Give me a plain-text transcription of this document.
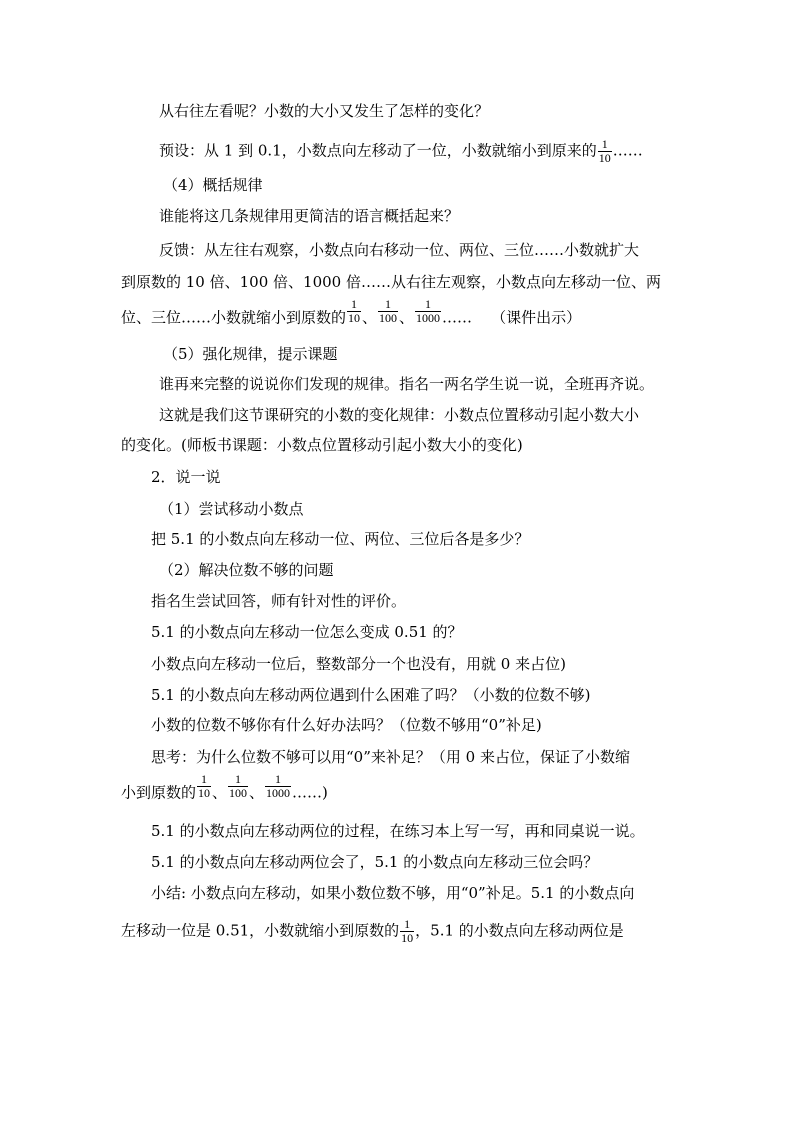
从右往左看呢？小数的大小又发生了怎样的变化？
预设：从 1 到 0.1，小数点向左移动了一位，小数就缩小到原来的 $\frac{1}{10}$ ……
（4）概括规律
谁能将这几条规律用更简洁的语言概括起来？
反馈：从左往右观察，小数点向右移动一位、两位、三位……小数就扩大
到原数的 10 倍、100 倍、1000 倍……从右往左观察，小数点向左移动一位、两
位、三位……小数就缩小到原数的 $\frac{1}{10}$ 、 $\frac{1}{100}$ 、 $\frac{1}{1000}$ ……    （课件出示）
（5）强化规律，提示课题
谁再来完整的说说你们发现的规律。指名一两名学生说一说，全班再齐说。
这就是我们这节课研究的小数的变化规律：小数点位置移动引起小数大小
的变化。(师板书课题：小数点位置移动引起小数大小的变化)
2．说一说
（1）尝试移动小数点
把 5.1 的小数点向左移动一位、两位、三位后各是多少？
（2）解决位数不够的问题
指名生尝试回答，师有针对性的评价。
5.1 的小数点向左移动一位怎么变成 0.51 的？
小数点向左移动一位后，整数部分一个也没有，用就 0 来占位)
5.1 的小数点向左移动两位遇到什么困难了吗？（小数的位数不够)
小数的位数不够你有什么好办法吗？（位数不够用“0”补足)
思考：为什么位数不够可以用“0”来补足？（用 0 来占位，保证了小数缩
小到原数的 $\frac{1}{10}$ 、 $\frac{1}{100}$ 、 $\frac{1}{1000}$ ……)
5.1 的小数点向左移动两位的过程，在练习本上写一写，再和同桌说一说。
5.1 的小数点向左移动两位会了，5.1 的小数点向左移动三位会吗？
小结: 小数点向左移动，如果小数位数不够，用“0”补足。5.1 的小数点向
左移动一位是 0.51，小数就缩小到原数的 $\frac{1}{10}$ ，5.1 的小数点向左移动两位是
